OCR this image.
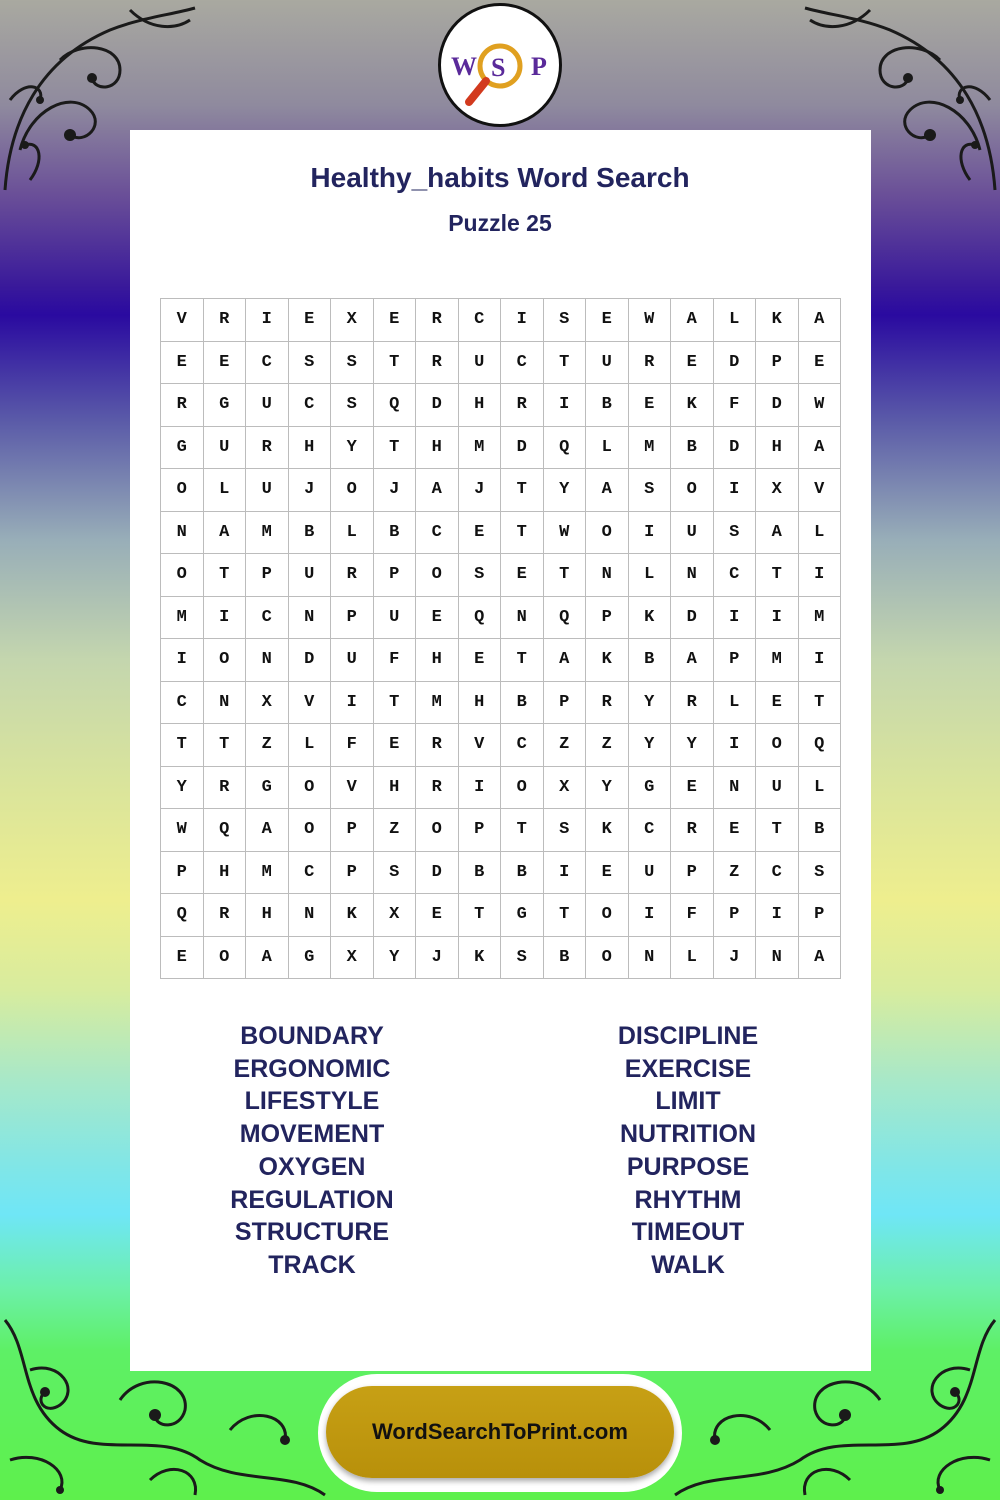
W S P
Healthy_habits Word Search
Puzzle 25
V	R	I	E	X	E	R	C	I	S	E	W	A	L	K	A
E	E	C	S	S	T	R	U	C	T	U	R	E	D	P	E
R	G	U	C	S	Q	D	H	R	I	B	E	K	F	D	W
G	U	R	H	Y	T	H	M	D	Q	L	M	B	D	H	A
O	L	U	J	O	J	A	J	T	Y	A	S	O	I	X	V
N	A	M	B	L	B	C	E	T	W	O	I	U	S	A	L
O	T	P	U	R	P	O	S	E	T	N	L	N	C	T	I
M	I	C	N	P	U	E	Q	N	Q	P	K	D	I	I	M
I	O	N	D	U	F	H	E	T	A	K	B	A	P	M	I
C	N	X	V	I	T	M	H	B	P	R	Y	R	L	E	T
T	T	Z	L	F	E	R	V	C	Z	Z	Y	Y	I	O	Q
Y	R	G	O	V	H	R	I	O	X	Y	G	E	N	U	L
W	Q	A	O	P	Z	O	P	T	S	K	C	R	E	T	B
P	H	M	C	P	S	D	B	B	I	E	U	P	Z	C	S
Q	R	H	N	K	X	E	T	G	T	O	I	F	P	I	P
E	O	A	G	X	Y	J	K	S	B	O	N	L	J	N	A
BOUNDARY
ERGONOMIC
LIFESTYLE
MOVEMENT
OXYGEN
REGULATION
STRUCTURE
TRACK
DISCIPLINE
EXERCISE
LIMIT
NUTRITION
PURPOSE
RHYTHM
TIMEOUT
WALK
WordSearchToPrint.com
